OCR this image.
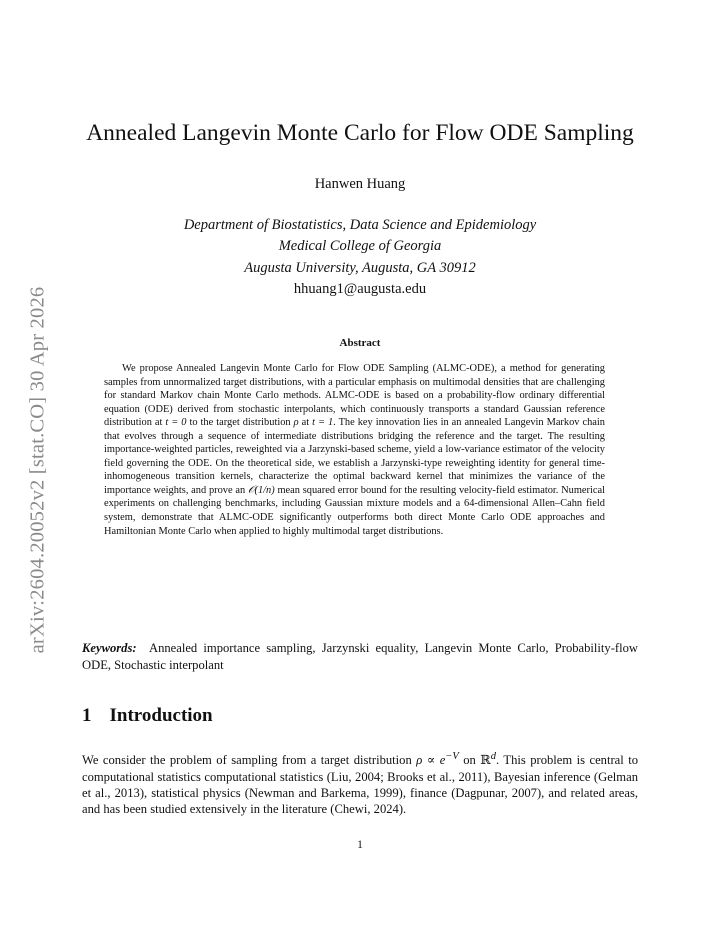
arXiv:2604.20052v2 [stat.CO] 30 Apr 2026
Annealed Langevin Monte Carlo for Flow ODE Sampling
Hanwen Huang
Department of Biostatistics, Data Science and Epidemiology
Medical College of Georgia
Augusta University, Augusta, GA 30912
hhuang1@augusta.edu
Abstract

We propose Annealed Langevin Monte Carlo for Flow ODE Sampling (ALMC-ODE), a method for generating samples from unnormalized target distributions, with a particular emphasis on multimodal densities that are challenging for standard Markov chain Monte Carlo methods. ALMC-ODE is based on a probability-flow ordinary differential equation (ODE) derived from stochastic interpolants, which continuously transports a standard Gaussian reference distribution at t = 0 to the target distribution ρ at t = 1. The key innovation lies in an annealed Langevin Markov chain that evolves through a sequence of intermediate distributions bridging the reference and the target. The resulting importance-weighted particles, reweighted via a Jarzynski-based scheme, yield a low-variance estimator of the velocity field governing the ODE. On the theoretical side, we establish a Jarzynski-type reweighting identity for general time-inhomogeneous transition kernels, characterize the optimal backward kernel that minimizes the variance of the importance weights, and prove an 𝒪(1/n) mean squared error bound for the resulting velocity-field estimator. Numerical experiments on challenging benchmarks, including Gaussian mixture models and a 64-dimensional Allen–Cahn field system, demonstrate that ALMC-ODE significantly outperforms both direct Monte Carlo ODE approaches and Hamiltonian Monte Carlo when applied to highly multimodal target distributions.

Keywords: Annealed importance sampling, Jarzynski equality, Langevin Monte Carlo, Probability-flow ODE, Stochastic interpolant

1 Introduction

We consider the problem of sampling from a target distribution $\rho \propto e^{-V}$ on ℝ$^d$. This problem is central to computational statistics computational statistics (Liu, 2004; Brooks et al., 2011), Bayesian inference (Gelman et al., 2013), statistical physics (Newman and Barkema, 1999), finance (Dagpunar, 2007), and related areas, and has been studied extensively in the literature (Chewi, 2024).

1
